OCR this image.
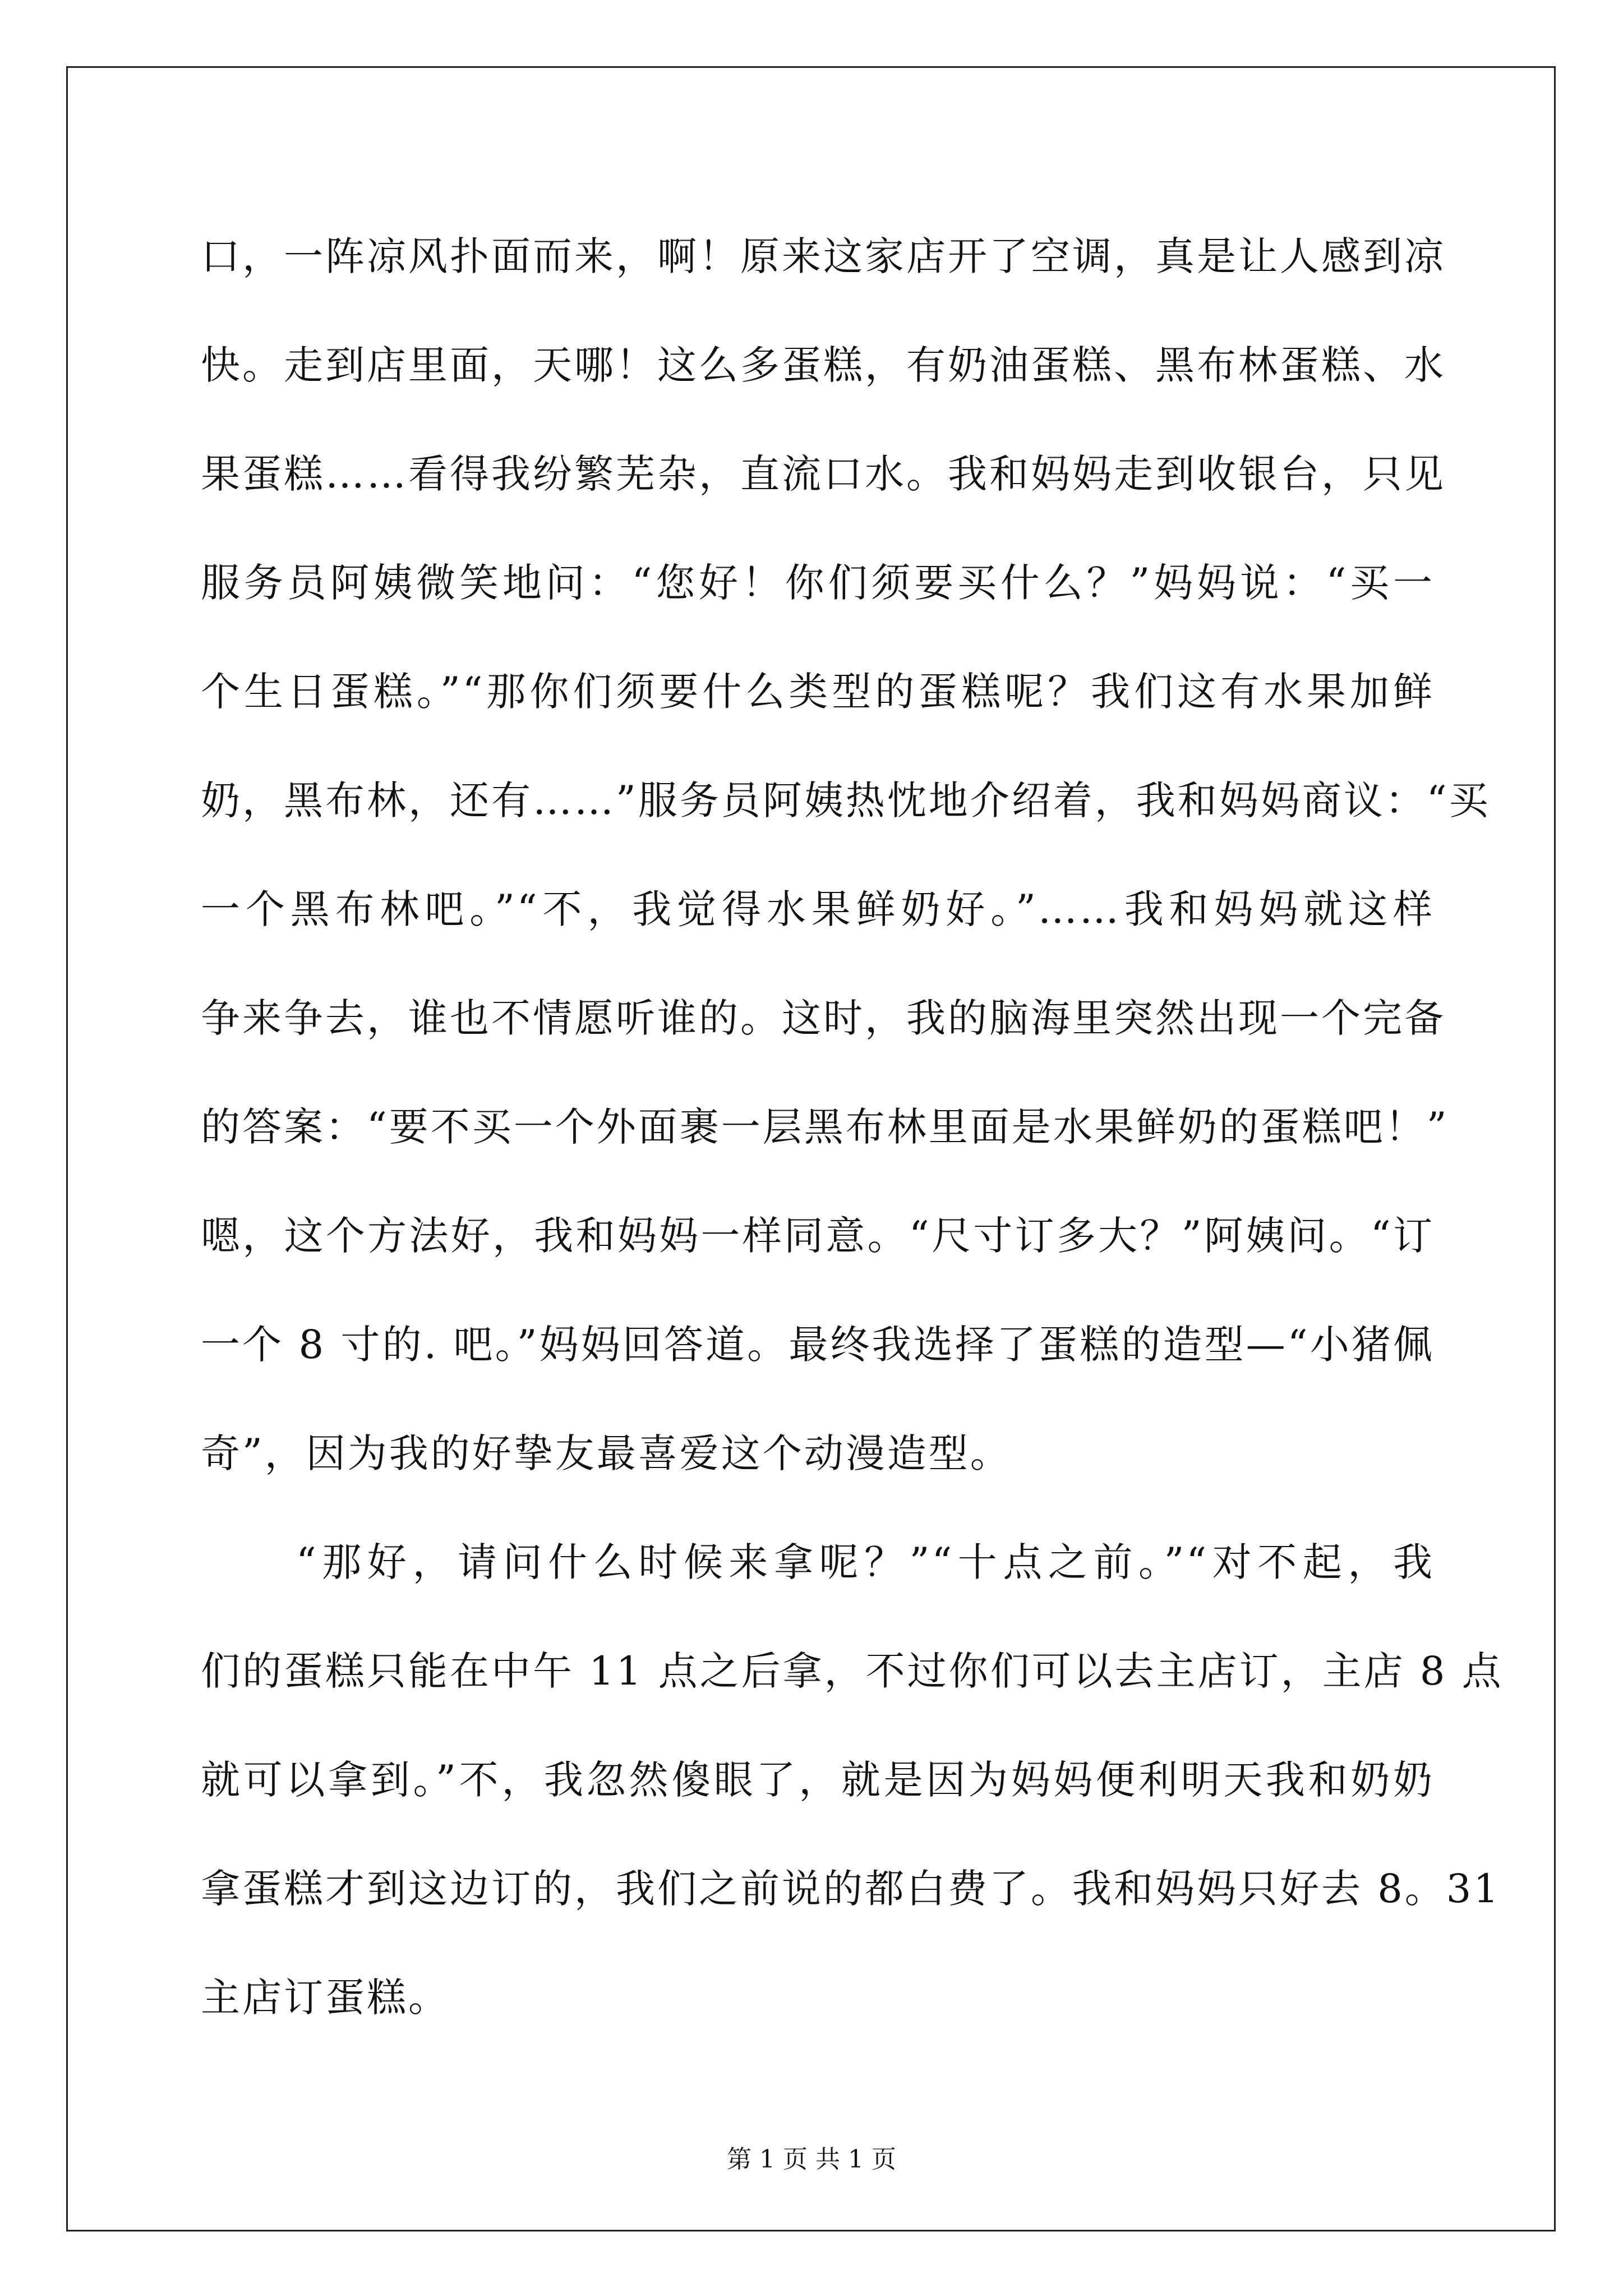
口，一阵凉风扑面而来，啊！原来这家店开了空调，真是让人感到凉
快。走到店里面，天哪！这么多蛋糕，有奶油蛋糕、黑布林蛋糕、水
果蛋糕……看得我纷繁芜杂，直流口水。我和妈妈走到收银台，只见
服务员阿姨微笑地问：“您好！你们须要买什么？”妈妈说：“买一
个生日蛋糕。”“那你们须要什么类型的蛋糕呢？我们这有水果加鲜
奶，黑布林，还有……”服务员阿姨热忱地介绍着，我和妈妈商议：“买
一个黑布林吧。”“不，我觉得水果鲜奶好。”……我和妈妈就这样
争来争去，谁也不情愿听谁的。这时，我的脑海里突然出现一个完备
的答案：“要不买一个外面裹一层黑布林里面是水果鲜奶的蛋糕吧！”
嗯，这个方法好，我和妈妈一样同意。“尺寸订多大？”阿姨问。“订
一个 8 寸的. 吧。”妈妈回答道。最终我选择了蛋糕的造型—“小猪佩
奇”，因为我的好挚友最喜爱这个动漫造型。
“那好，请问什么时候来拿呢？”“十点之前。”“对不起，我
们的蛋糕只能在中午 11 点之后拿，不过你们可以去主店订，主店 8 点
就可以拿到。”不，我忽然傻眼了，就是因为妈妈便利明天我和奶奶
拿蛋糕才到这边订的，我们之前说的都白费了。我和妈妈只好去 8。31
主店订蛋糕。
第 1 页 共 1 页
